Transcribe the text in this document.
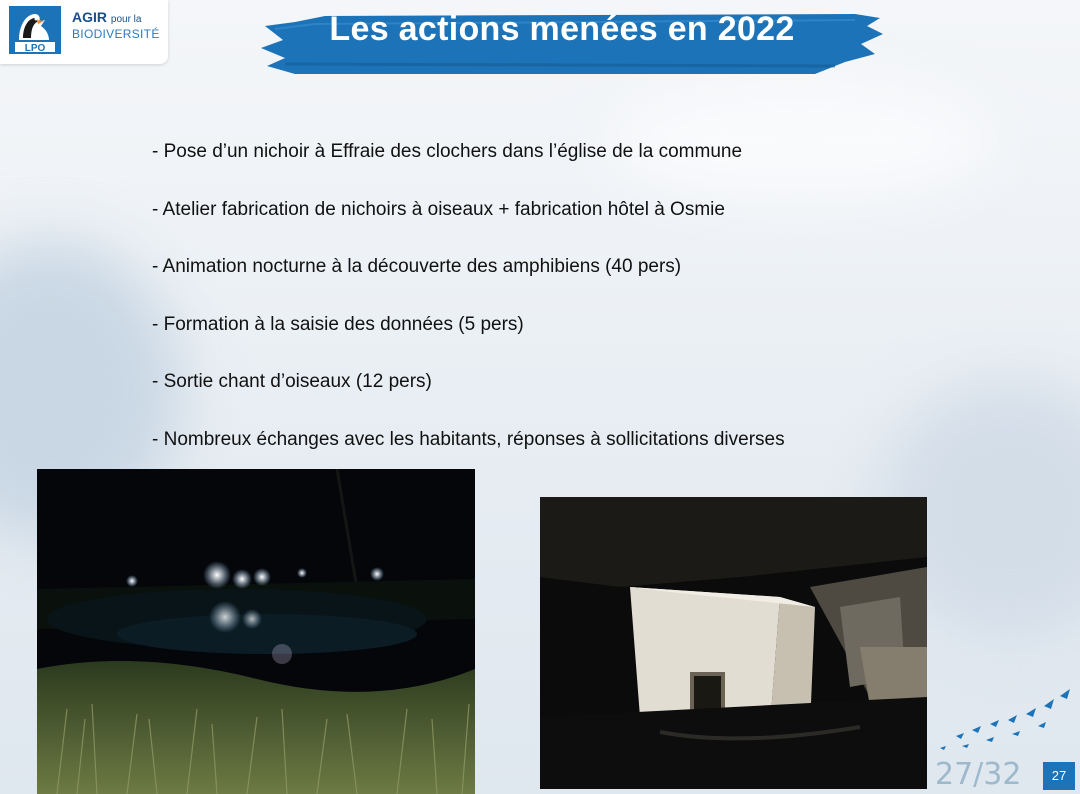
LPO
AGIR pour la
BIODIVERSITÉ	Les actions menées en 2022
- Pose d’un nichoir à Effraie des clochers dans l’église de la commune
- Atelier fabrication de nichoirs à oiseaux + fabrication hôtel à Osmie
- Animation nocturne à la découverte des amphibiens (40 pers)
- Formation à la saisie des données (5 pers)
- Sortie chant d’oiseaux (12 pers)
- Nombreux échanges avec les habitants, réponses à sollicitations diverses
27/32	27
